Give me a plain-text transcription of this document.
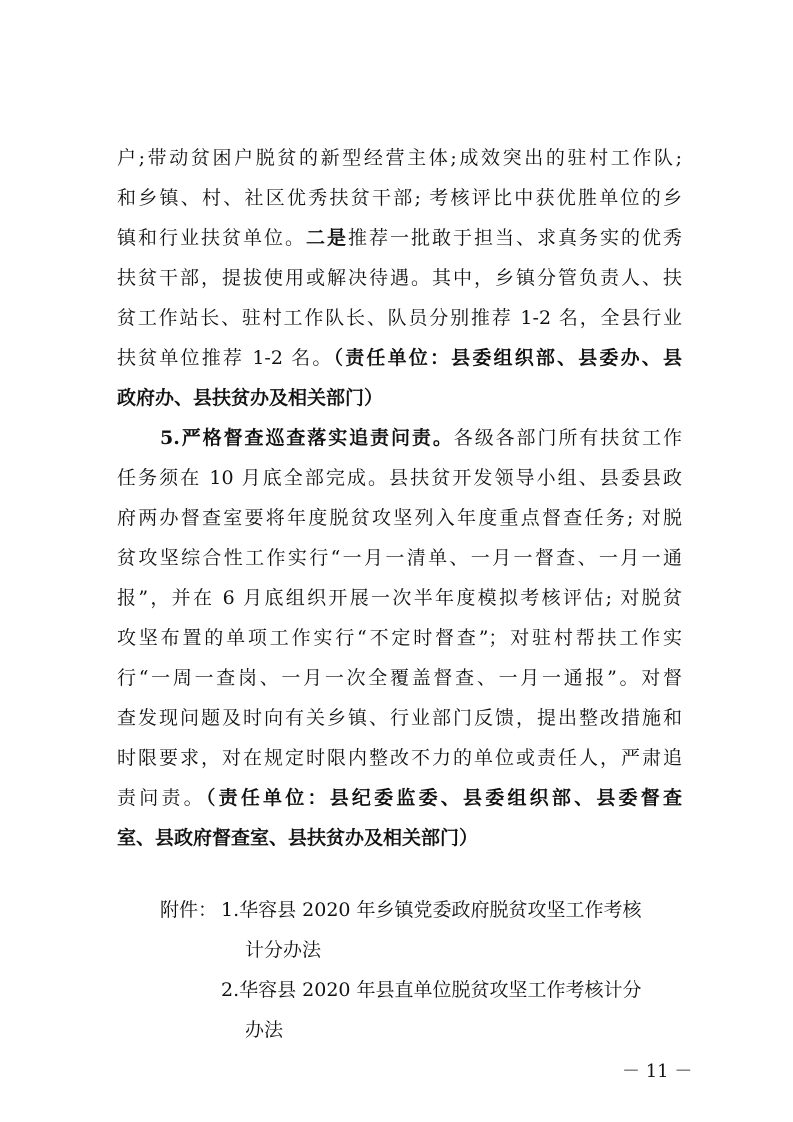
户;带动贫困户脱贫的新型经营主体;成效突出的驻村工作队;
和乡镇、村、社区优秀扶贫干部; 考核评比中获优胜单位的乡
镇和行业扶贫单位。二是推荐一批敢于担当、求真务实的优秀
扶贫干部，提拔使用或解决待遇。其中，乡镇分管负责人、扶
贫工作站长、驻村工作队长、队员分别推荐 1-2 名，全县行业
扶贫单位推荐 1-2 名。（责任单位：县委组织部、县委办、县
政府办、县扶贫办及相关部门）
5.严格督查巡查落实追责问责。各级各部门所有扶贫工作
任务须在 10 月底全部完成。县扶贫开发领导小组、县委县政
府两办督查室要将年度脱贫攻坚列入年度重点督查任务; 对脱
贫攻坚综合性工作实行“一月一清单、一月一督查、一月一通
报”，并在 6 月底组织开展一次半年度模拟考核评估; 对脱贫
攻坚布置的单项工作实行“不定时督查”；对驻村帮扶工作实
行“一周一查岗、一月一次全覆盖督查、一月一通报”。对督
查发现问题及时向有关乡镇、行业部门反馈，提出整改措施和
时限要求，对在规定时限内整改不力的单位或责任人，严肃追
责问责。（责任单位：县纪委监委、县委组织部、县委督查
室、县政府督查室、县扶贫办及相关部门）
附件： 1.华容县 2020 年乡镇党委政府脱贫攻坚工作考核
计分办法
2.华容县 2020 年县直单位脱贫攻坚工作考核计分
办法
－ 11 －
